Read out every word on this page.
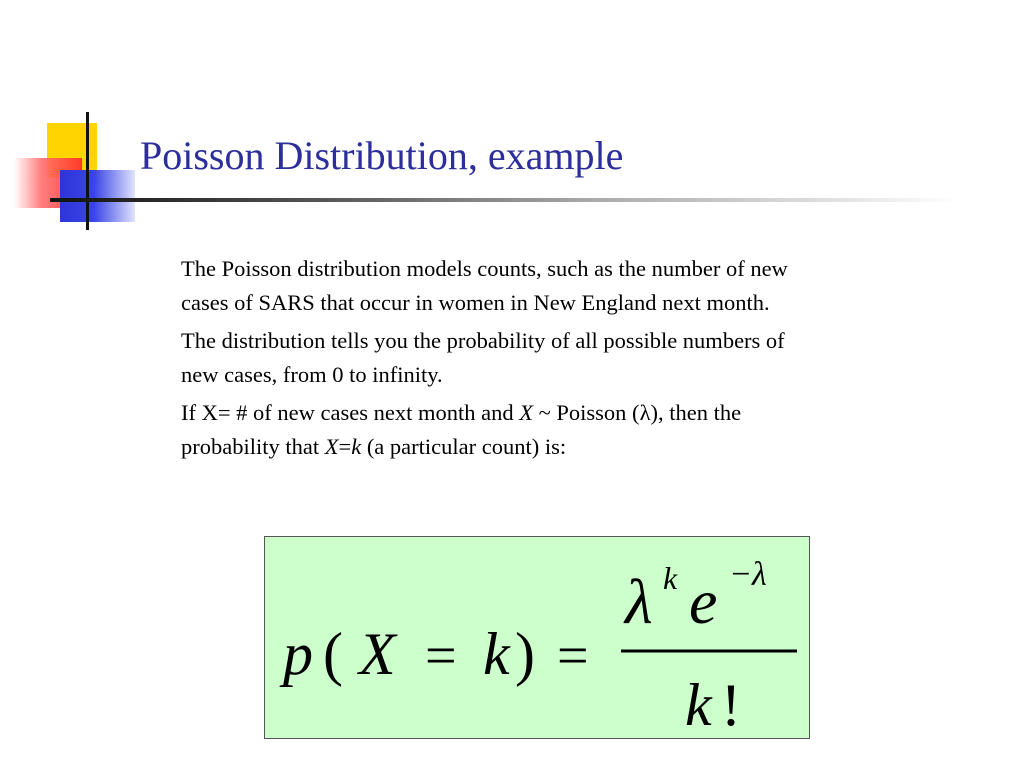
Poisson Distribution, example

The Poisson distribution models counts, such as the number of new
cases of SARS that occur in women in New England next month.

The distribution tells you the probability of all possible numbers of
new cases, from 0 to infinity.

If X= # of new cases next month and X ~ Poisson (λ), then the
probability that X=k (a particular count) is:

p ( X = k ) =
λ k e −λ
k !
